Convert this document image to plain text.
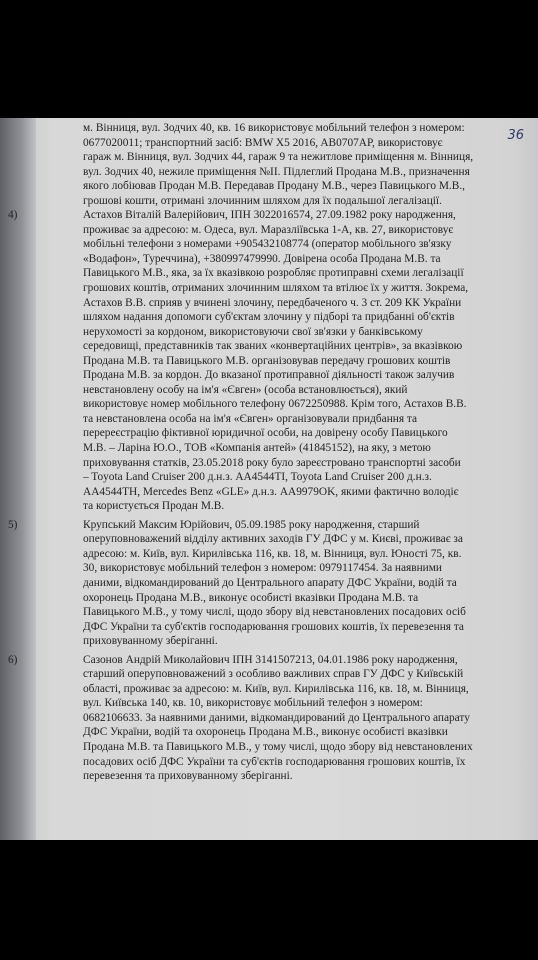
36
м. Вінниця, вул. Зодчих 40, кв. 16 використовує мобільний телефон з номером:
0677020011; транспортний засіб: BMW X5 2016, AB0707AP, використовує
гараж м. Вінниця, вул. Зодчих 44, гараж 9 та нежитлове приміщення м. Вінниця,
вул. Зодчих 40, нежиле приміщення №II. Підлеглий Продана М.В., призначення
якого лобіював Продан М.В. Передавав Продану М.В., через Павицького М.В.,
грошові кошти, отримані злочинним шляхом для їх подальшої легалізації.
4)	Астахов Віталій Валерійович, ІПН 3022016574, 27.09.1982 року народження,
проживає за адресою: м. Одеса, вул. Маразліївська 1-А, кв. 27, використовує
мобільні телефони з номерами +905432108774 (оператор мобільного зв'язку
«Водафон», Туреччина), +380997479990. Довірена особа Продана М.В. та
Павицького М.В., яка, за їх вказівкою розробляє протиправні схеми легалізації
грошових коштів, отриманих злочинним шляхом та втілює їх у життя. Зокрема,
Астахов В.В. сприяв у вчинені злочину, передбаченого ч. 3 ст. 209 КК України
шляхом надання допомоги суб'єктам злочину у підборі та придбанні об'єктів
нерухомості за кордоном, використовуючи свої зв'язки у банківському
середовищі, представників так званих «конвертаційних центрів», за вказівкою
Продана М.В. та Павицького М.В. організовував передачу грошових коштів
Продана М.В. за кордон. До вказаної протиправної діяльності також залучив
невстановлену особу на ім'я «Євген» (особа встановлюється), який
використовує номер мобільного телефону 0672250988. Крім того, Астахов В.В.
та невстановлена особа на ім'я «Євген» організовували придбання та
перереєстрацію фіктивної юридичної особи, на довірену особу Павицького
М.В. – Ларіна Ю.О., ТОВ «Компанія антей» (41845152), на яку, з метою
приховування статків, 23.05.2018 року було зареєстровано транспортні засоби
– Toyota Land Cruiser 200 д.н.з. AA4544TI, Toyota Land Cruiser 200 д.н.з.
AA4544TH, Mercedes Benz «GLE» д.н.з. AA9979OK, якими фактично володіє
та користується Продан М.В.
5)	Крупський Максим Юрійович, 05.09.1985 року народження, старший
оперуповноважений відділу активних заходів ГУ ДФС у м. Києві, проживає за
адресою: м. Київ, вул. Кирилівська 116, кв. 18, м. Вінниця, вул. Юності 75, кв.
30, використовує мобільний телефон з номером: 0979117454. За наявними
даними, відкомандирований до Центрального апарату ДФС України, водій та
охоронець Продана М.В., виконує особисті вказівки Продана М.В. та
Павицького М.В., у тому числі, щодо збору від невстановлених посадових осіб
ДФС України та суб'єктів господарювання грошових коштів, їх перевезення та
приховуванному зберіганні.
6)	Сазонов Андрій Миколайович ІПН 3141507213, 04.01.1986 року народження,
старший оперуповноважений з особливо важливих справ ГУ ДФС у Київській
області, проживає за адресою: м. Київ, вул. Кирилівська 116, кв. 18, м. Вінниця,
вул. Київська 140, кв. 10, використовує мобільний телефон з номером:
0682106633. За наявними даними, відкомандирований до Центрального апарату
ДФС України, водій та охоронець Продана М.В., виконує особисті вказівки
Продана М.В. та Павицького М.В., у тому числі, щодо збору від невстановлених
посадових осіб ДФС України та суб'єктів господарювання грошових коштів, їх
перевезення та приховуванному зберіганні.
